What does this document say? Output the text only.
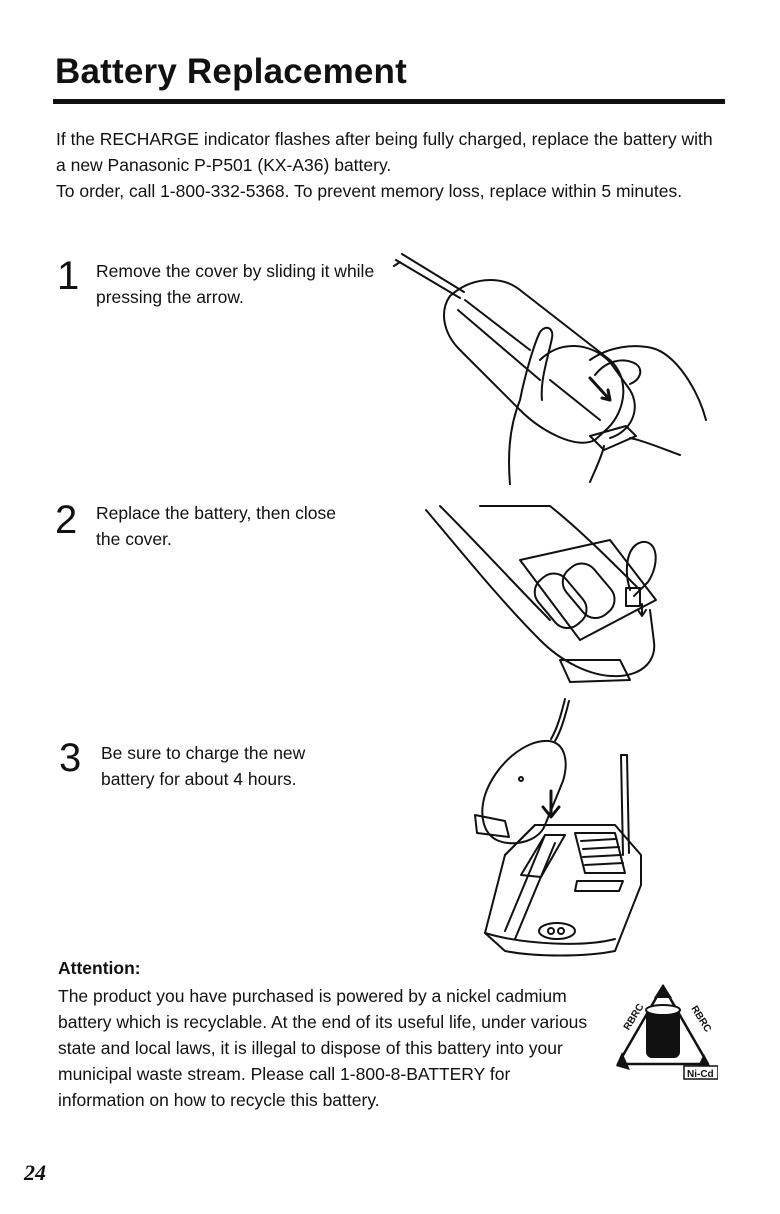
Battery Replacement

If the RECHARGE indicator flashes after being fully charged, replace the battery with a new Panasonic P-P501 (KX-A36) battery.

To order, call 1-800-332-5368. To prevent memory loss, replace within 5 minutes.

1 Remove the cover by sliding it while pressing the arrow.
2 Replace the battery, then close the cover.
3 Be sure to charge the new battery for about 4 hours.
Attention:
The product you have purchased is powered by a nickel cadmium battery which is recyclable. At the end of its useful life, under various state and local laws, it is illegal to dispose of this battery into your municipal waste stream. Please call 1-800-8-BATTERY for information on how to recycle this battery.
RBRC	RBRC
Ni-Cd
24
